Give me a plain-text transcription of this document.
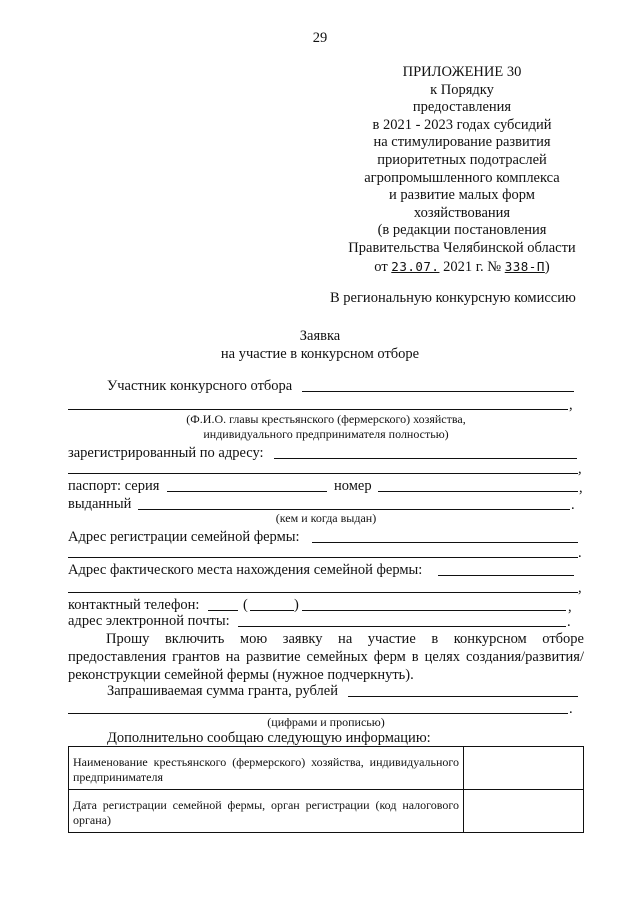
29
ПРИЛОЖЕНИЕ 30
к Порядку
предоставления
в 2021 - 2023 годах субсидий
на стимулирование развития
приоритетных подотраслей
агропромышленного комплекса
и развитие малых форм
хозяйствования
(в редакции постановления
Правительства Челябинской области
от 23.07. 2021 г. № 338-П)
В региональную конкурсную комиссию
Заявка
на участие в конкурсном отборе
Участник конкурсного отбора
,
(Ф.И.О. главы крестьянского (фермерского) хозяйства,
индивидуального предпринимателя полностью)
зарегистрированный по адресу:
,
паспорт: серия	номер	,
выданный	.
(кем и когда выдан)
Адрес регистрации семейной фермы:
.
Адрес фактического места нахождения семейной фермы:
,
контактный телефон:	(	)	,
адрес электронной почты:	.
Прошу включить мою заявку на участие в конкурсном отборе предоставления грантов на развитие семейных ферм в целях создания/развития/реконструкции семейной фермы (нужное подчеркнуть).
Запрашиваемая сумма гранта, рублей
.
(цифрами и прописью)
Дополнительно сообщаю следующую информацию:
Наименование крестьянского (фермерского) хозяйства, индивидуального предпринимателя	
Дата регистрации семейной фермы, орган регистрации (код налогового органа)	
